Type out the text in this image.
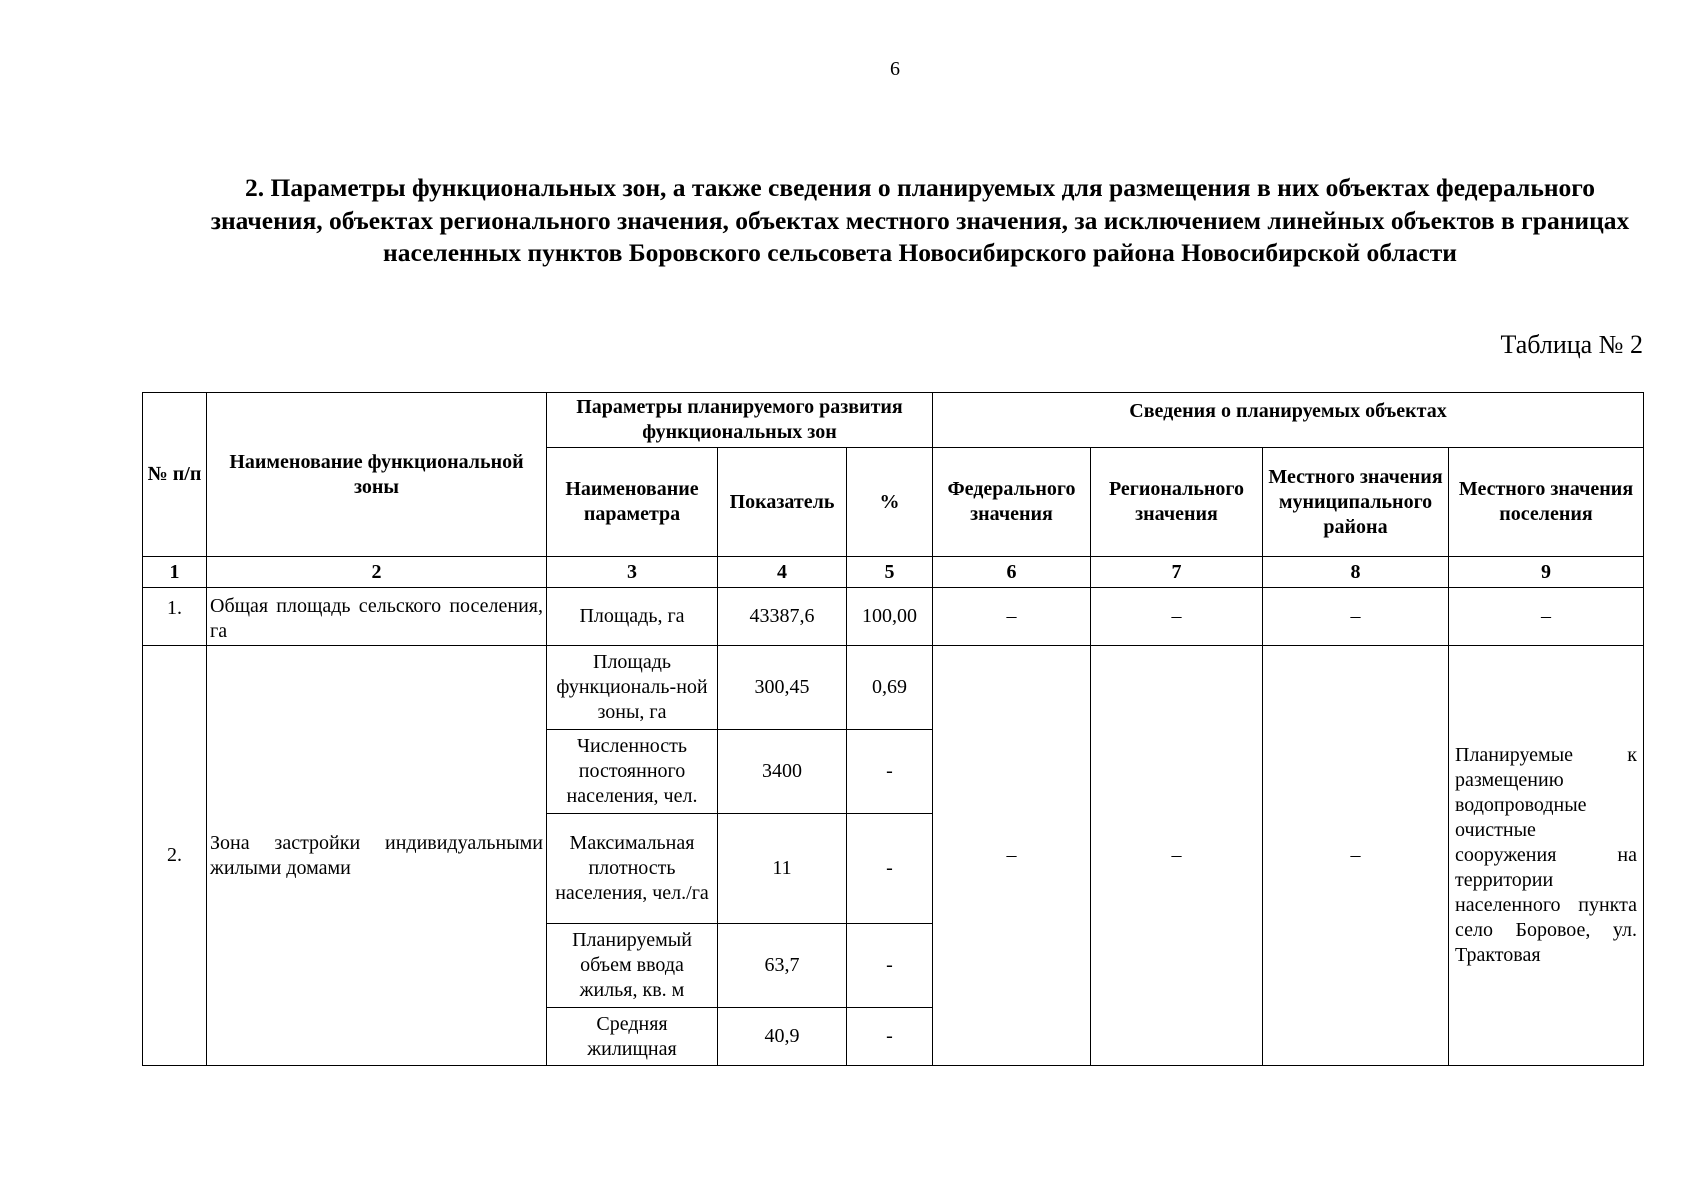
6
2. Параметры функциональных зон, а также сведения о планируемых для размещения в них объектах федерального значения, объектах регионального значения, объектах местного значения, за исключением линейных объектов в границах населенных пунктов Боровского сельсовета Новосибирского района Новосибирской области
Таблица № 2
№ п/п	Наименование функциональной зоны	Параметры планируемого развития функциональных зон			Сведения о планируемых объектах			
		Наименование параметра	Показатель	%	Федерального значения	Регионального значения	Местного значения муниципального района	Местного значения поселения
1	2	3	4	5	6	7	8	9
1.	Общая площадь сельского поселения, га	Площадь, га	43387,6	100,00	–	–	–	–
2.	Зона застройки индивидуальными жилыми домами	Площадь функциональ-ной зоны, га	300,45	0,69	–	–	–	Планируемые к размещению водопроводные очистные сооружения на территории населенного пункта село Боровое, ул. Трактовая
		Численность постоянного населения, чел.	3400	-				
		Максимальная плотность населения, чел./га	11	-				
		Планируемый объем ввода жилья, кв. м	63,7	-				
		Средняя жилищная	40,9	-				
